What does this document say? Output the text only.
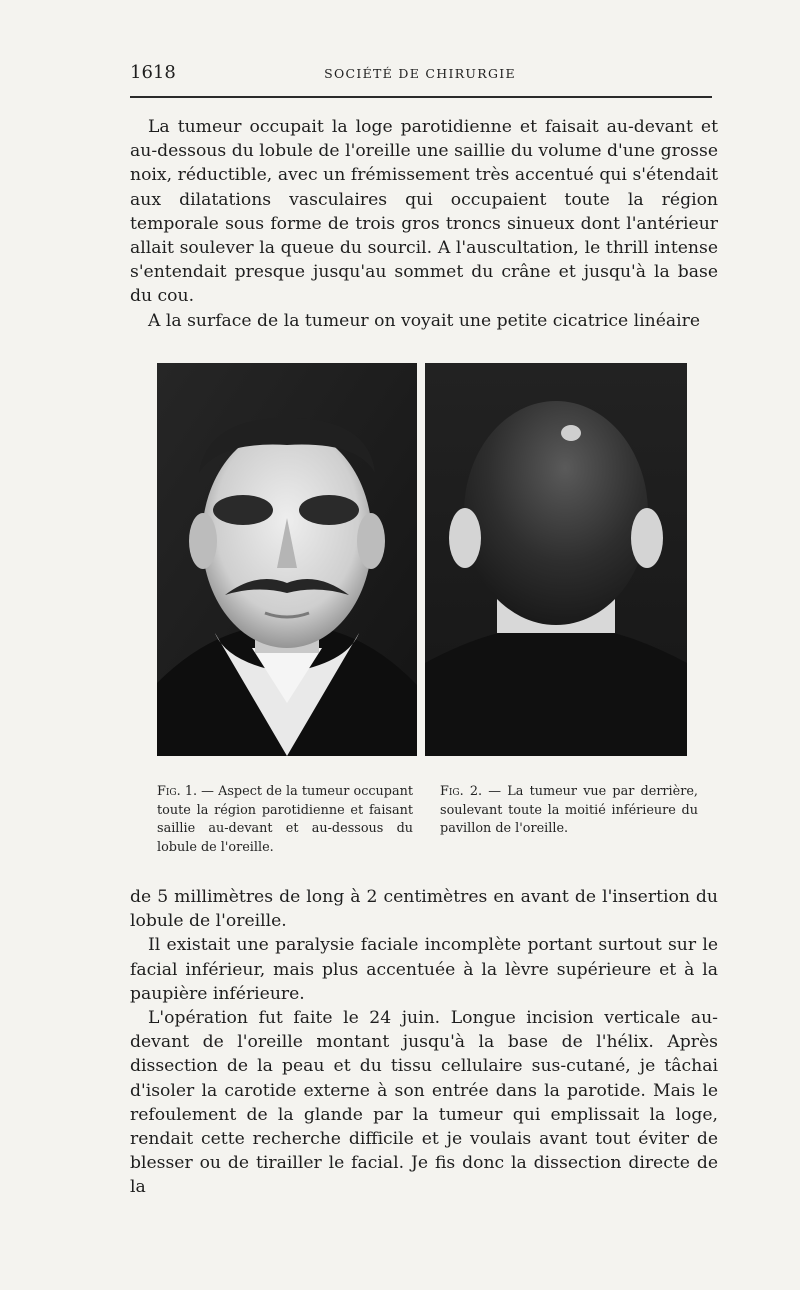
1618	SOCIÉTÉ DE CHIRURGIE

La tumeur occupait la loge parotidienne et faisait au-devant et au-dessous du lobule de l'oreille une saillie du volume d'une grosse noix, réductible, avec un frémissement très accentué qui s'étendait aux dilatations vasculaires qui occupaient toute la région temporale sous forme de trois gros troncs sinueux dont l'antérieur allait soulever la queue du sourcil. A l'auscultation, le thrill intense s'entendait presque jusqu'au sommet du crâne et jusqu'à la base du cou.

A la surface de la tumeur on voyait une petite cicatrice linéaire

Fig. 1. — Aspect de la tumeur occupant toute la région parotidienne et faisant saillie au-devant et au-dessous du lobule de l'oreille.
Fig. 2. — La tumeur vue par derrière, soulevant toute la moitié inférieure du pavillon de l'oreille.

de 5 millimètres de long à 2 centimètres en avant de l'insertion du lobule de l'oreille.

Il existait une paralysie faciale incomplète portant surtout sur le facial inférieur, mais plus accentuée à la lèvre supérieure et à la paupière inférieure.

L'opération fut faite le 24 juin. Longue incision verticale au-devant de l'oreille montant jusqu'à la base de l'hélix. Après dissection de la peau et du tissu cellulaire sus-cutané, je tâchai d'isoler la carotide externe à son entrée dans la parotide. Mais le refoulement de la glande par la tumeur qui emplissait la loge, rendait cette recherche difficile et je voulais avant tout éviter de blesser ou de tirailler le facial. Je fis donc la dissection directe de la
